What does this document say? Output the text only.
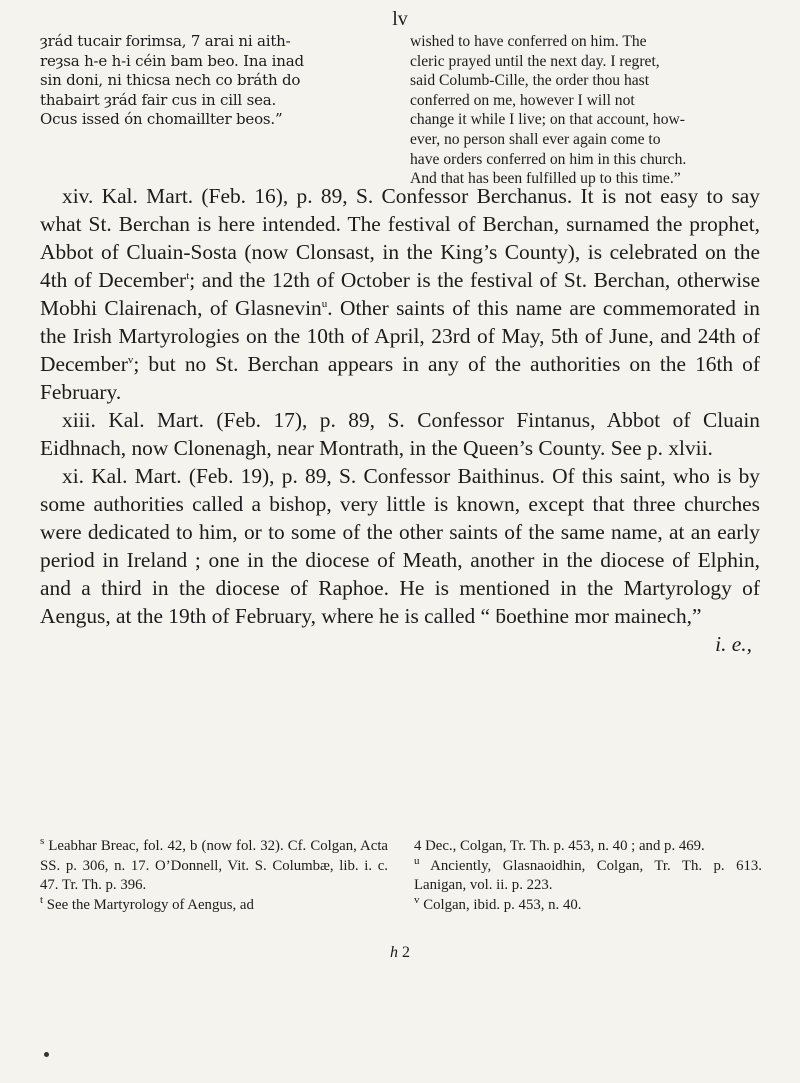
lv
ȝrád tucair forimsa, 7 arai ni aith-
reȝsa h-e h-i céin bam beo. Ina inad
sin doni, ni thicsa nech co bráth do
thabairt ȝrád fair cus in cill sea.
Ocus issed ón chomaillter beos.”
wished to have conferred on him. The
cleric prayed until the next day. I regret,
said Columb-Cille, the order thou hast
conferred on me, however I will not
change it while I live; on that account, how-
ever, no person shall ever again come to
have orders conferred on him in this church.
And that has been fulfilled up to this time.”

xiv. Kal. Mart. (Feb. 16), p. 89, S. Confessor Berchanus. It is not easy to say what St. Berchan is here intended. The festival of Berchan, surnamed the prophet, Abbot of Cluain-Sosta (now Clonsast, in the King’s County), is celebrated on the 4th of December$^t$; and the 12th of October is the festival of St. Berchan, otherwise Mobhi Clairenach, of Glasnevin$^u$. Other saints of this name are commemorated in the Irish Martyrologies on the 10th of April, 23rd of May, 5th of June, and 24th of December$^v$; but no St. Berchan appears in any of the authorities on the 16th of February.

xiii. Kal. Mart. (Feb. 17), p. 89, S. Confessor Fintanus, Abbot of Cluain Eidhnach, now Clonenagh, near Montrath, in the Queen’s County. See p. xlvii.

xi. Kal. Mart. (Feb. 19), p. 89, S. Confessor Baithinus. Of this saint, who is by some authorities called a bishop, very little is known, except that three churches were dedicated to him, or to some of the other saints of the same name, at an early period in Ireland ; one in the diocese of Meath, another in the diocese of Elphin, and a third in the diocese of Raphoe. He is mentioned in the Martyrology of Aengus, at the 19th of February, where he is called “ ƃoethine mor mainech,”

i. e.,

$^s$ Leabhar Breac, fol. 42, b (now fol. 32). Cf. Colgan, Acta SS. p. 306, n. 17. O’Donnell, Vit. S. Columbæ, lib. i. c. 47. Tr. Th. p. 396.

$^t$ See the Martyrology of Aengus, ad

4 Dec., Colgan, Tr. Th. p. 453, n. 40 ; and p. 469.

$^u$ Anciently, Glasnaoidhin, Colgan, Tr. Th. p. 613. Lanigan, vol. ii. p. 223.

$^v$ Colgan, ibid. p. 453, n. 40.

h 2
